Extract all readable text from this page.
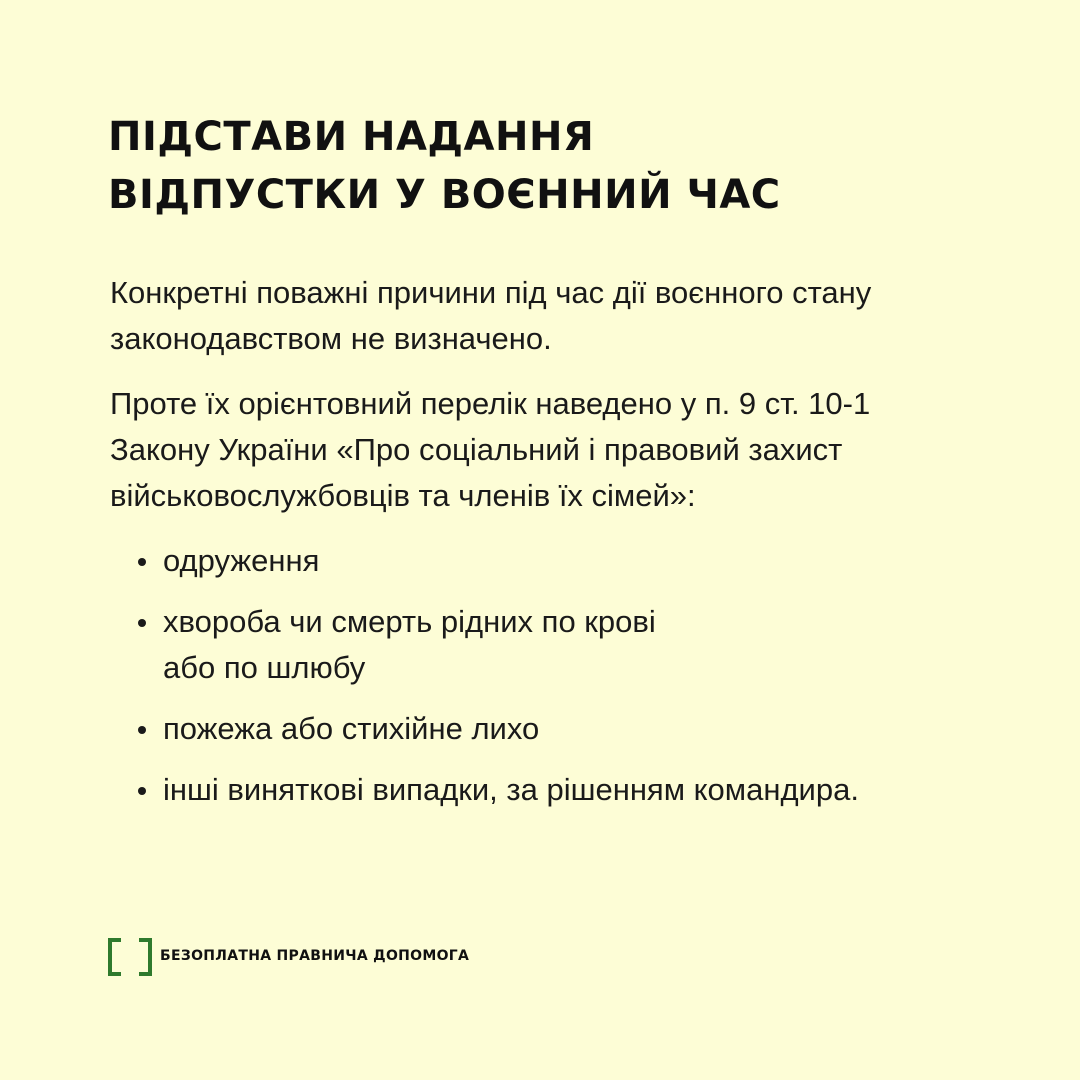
ПІДСТАВИ НАДАННЯ
ВІДПУСТКИ У ВОЄННИЙ ЧАС

Конкретні поважні причини під час дії воєнного стану
законодавством не визначено.

Проте їх орієнтовний перелік наведено у п. 9 ст. 10-1
Закону України «Про соціальний і правовий захист
військовослужбовців та членів їх сімей»:

одруження
хвороба чи смерть рідних по крові
або по шлюбу
пожежа або стихійне лихо
інші виняткові випадки, за рішенням командира.
БЕЗОПЛАТНА ПРАВНИЧА ДОПОМОГА
